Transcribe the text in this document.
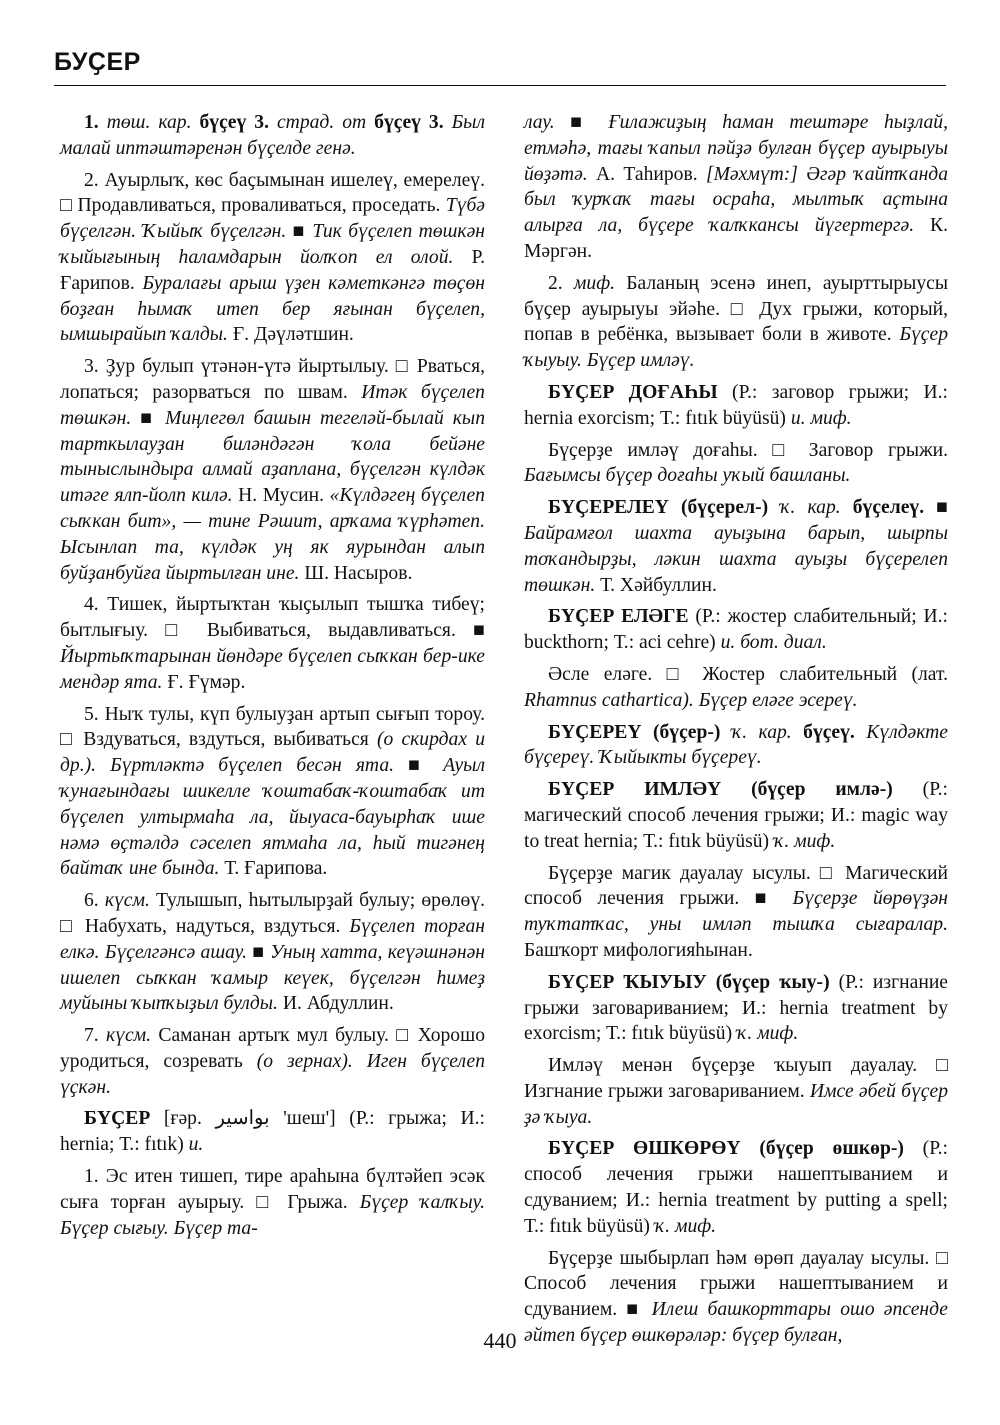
БУҪЕР

1. төш. кар. бүҫеү 3. страд. от бүҫеү 3. Был малай иптәштәренән бүҫелде генә.

2. Ауырлыҡ, көс баҫымынан ишелеү, емерелеү. □ Продавливаться, проваливаться, проседать. Түбә бүҫелгән. Ҡыйыҡ бүҫелгән. ■ Тик бүҫелеп төшкән ҡыйығының һаламдарын йолҡоп ел олой. Р. Ғарипов. Буралағы арыш үҙен кәметкәнгә төҫөн боҙған һымаҡ итеп бер яғынан бүҫелеп, ымшырайып ҡалды. Ғ. Дәүләтшин.

3. Ҙур булып үтәнән-үтә йыртылыу. □ Рваться, лопаться; разорваться по швам. Итәк бүҫелеп төшкән. ■ Миңлегөл башын тегеләй-былай кып тарткылауҙан биләндәгән ҡола бейәне тыныслындыра алмай аҙаплана, бүҫелгән күлдәк итәге ялп-йолп килә. Н. Мусин. «Күлдәгең бүҫелеп сыҡкан бит», — тине Рәшит, арҡама ҡүрһәтеп. Ысынлап та, күлдәк уң як яурындан алып буйҙанбуйға йыртылған ине. Ш. Насыров.

4. Тишек, йыртыҡтан ҡыҫылып тышҡа тибеү; бытлығыу. □ Выбиваться, выдавливаться. ■ Йыртыҡтарынан йөндәре бүҫелеп сыҡкан бер-ике мендәр ята. Ғ. Ғүмәр.

5. Ныҡ тулы, күп булыуҙан артып сығып тороу. □ Вздуваться, вздуться, выбиваться (о скирдах и др.). Бүртләктә бүҫелеп бесән ята. ■ Ауыл ҡунағындағы шикелле ҡоштабаҡ-ҡоштабаҡ ит бүҫелеп ултырмаһа ла, йыуаса-бауырһаҡ ише нәмә өҫтәлдә сәселеп ятмаһа ла, һый тигәнең байтаҡ ине бында. Т. Ғарипова.

6. күсм. Тулышып, һытылырҙай булыу; өрөлөү. □ Набухать, надуться, вздуться. Бүҫелеп торған елкә. Бүҫелгәнсә ашау. ■ Уның хатта, кеүәшнәнән ишелеп сыҡкан ҡамыр кеүек, бүҫелгән һимеҙ муйыны ҡыпҡыҙыл булды. И. Абдуллин.

7. күсм. Саманан артыҡ мул булыу. □ Хорошо уродиться, созревать (о зернах). Иген бүҫелеп үҫкән.

БҮҪЕР [ғәр. بواسير 'шеш'] (Р.: грыжа; И.: hernia; Т.: fıtık) и.

1. Эс итен тишеп, тире араһына бүлтәйеп эсәк сыға торған ауырыу. □ Грыжа. Бүҫер ҡалҡыу. Бүҫер сығыу. Бүҫер та-

лау. ■ Ғилажиҙың һаман тештәре һыҙлай, етмәһә, тағы ҡапыл пәйҙә булған бүҫер ауырыуы йөҙәтә. А. Таһиров. [Мәхмүт:] Әгәр ҡайтҡанда был ҡурҡаҡ тағы осраһа, мылтыҡ аҫтына алырға ла, бүҫере ҡалҡкансы йүгертергә. К. Мәргән.

2. миф. Баланың эсенә инеп, ауырттырыусы бүҫер ауырыуы эйәһе. □ Дух грыжи, который, попав в ребёнка, вызывает боли в животе. Бүҫер ҡыуыу. Бүҫер имләү.

БҮҪЕР ДОҒАҺЫ (Р.: заговор грыжи; И.: hernia exorcism; Т.: fıtık büyüsü) и. миф.

Бүҫерҙе имләү доғаһы. □ Заговор грыжи. Бағымсы бүҫер доғаһы уҡый башланы.

БҮҪЕРЕЛЕҮ (бүҫерел-) ҡ. кар. бүҫелеү. ■ Байрамғол шахта ауыҙына барып, шырпы тоҡандырҙы, ләкин шахта ауыҙы бүҫерелеп төшкән. Т. Хәйбуллин.

БҮҪЕР ЕЛӘГЕ (Р.: жостер слабительный; И.: buckthorn; Т.: aci cehre) и. бот. диал.

Әсле еләге. □ Жостер слабительный (лат. Rhamnus cathartica). Бүҫер еләге эсереү.

БҮҪЕРЕҮ (бүҫер-) ҡ. кар. бүҫеү. Күлдәкте бүҫереү. Ҡыйыкты бүҫереү.

БҮҪЕР ИМЛӘҮ (бүҫер имлә-) (Р.: магический способ лечения грыжи; И.: magic way to treat hernia; Т.: fıtık büyüsü) ҡ. миф.

Бүҫерҙе магик дауалау ысулы. □ Магический способ лечения грыжи. ■ Бүҫерҙе йөрөүҙән туҡтатҡас, уны имләп тышҡа сығаралар. Башҡорт мифологияһынан.

БҮҪЕР ҠЫУЫУ (бүҫер ҡыу-) (Р.: изгнание грыжи заговариванием; И.: hernia treatment by exorcism; Т.: fıtık büyüsü) ҡ. миф.

Имләү менән бүҫерҙе ҡыуып дауалау. □ Изгнание грыжи заговариванием. Имсе әбей бүҫер ҙә ҡыуа.

БҮҪЕР ӨШКӨРӨҮ (бүҫер өшкөр-) (Р.: способ лечения грыжи нашептыванием и сдуванием; И.: hernia treatment by putting a spell; Т.: fıtık büyüsü) ҡ. миф.

Бүҫерҙе шыбырлап һәм өрөп дауалау ысулы. □ Способ лечения грыжи нашептыванием и сдуванием. ■ Илеш башкорттары ошо әпсенде әйтеп бүҫер өшкөрәләр: бүҫер булған,

440
